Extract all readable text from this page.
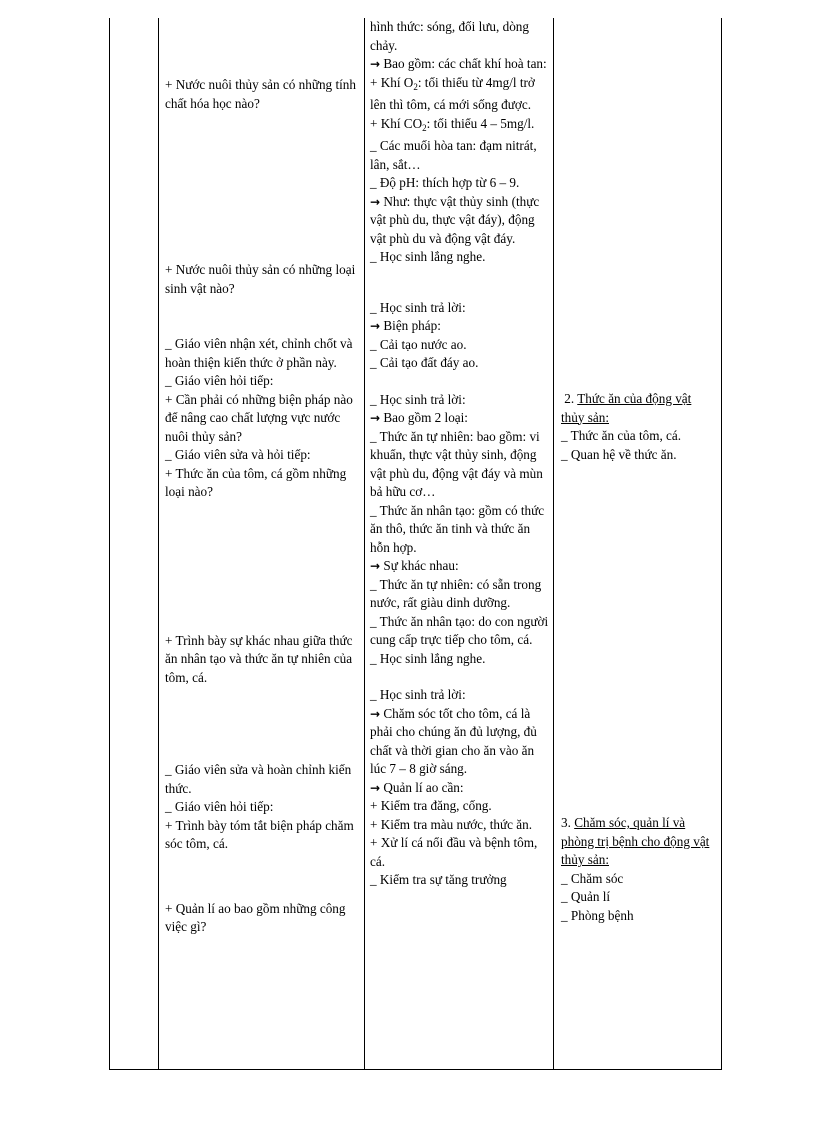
+ Nước nuôi thủy sản có những tính chất hóa học nào?

+ Nước nuôi thủy sản có những loại sinh vật nào?

_ Giáo viên nhận xét, chỉnh chốt và hoàn thiện kiến thức ở phần này.

_ Giáo viên hỏi tiếp:

+ Cần phải có những biện pháp nào để nâng cao chất lượng vực nước nuôi thủy sản?

_ Giáo viên sửa và hỏi tiếp:

+ Thức ăn của tôm, cá gồm những loại nào?

+ Trình bày sự khác nhau giữa thức ăn nhân tạo và thức ăn tự nhiên của tôm, cá.

_ Giáo viên sửa và hoàn chỉnh kiến thức.

_ Giáo viên hỏi tiếp:

+ Trình bày tóm tắt biện pháp chăm sóc tôm, cá.

+ Quản lí ao bao gồm những công việc gì?

hình thức: sóng, đối lưu, dòng chảy.

→ Bao gồm: các chất khí hoà tan:

+ Khí $O_2$: tối thiểu từ 4mg/l trở lên thì tôm, cá mới sống được.

+ Khí $CO_2$: tối thiểu 4 – 5mg/l.

_ Các muối hòa tan: đạm nitrát, lân, sắt…

_ Độ pH: thích hợp từ 6 – 9.

→ Như: thực vật thủy sinh (thực vật phù du, thực vật đáy), động vật phù du và động vật đáy.

_ Học sinh lắng nghe.

_ Học sinh trả lời:

→ Biện pháp:

_ Cải tạo nước ao.

_ Cải tạo đất đáy ao.

_ Học sinh trả lời:

→ Bao gồm 2 loại:

_ Thức ăn tự nhiên: bao gồm: vi khuẩn, thực vật thủy sinh, động vật phù du, động vật đáy và mùn bả hữu cơ…

_ Thức ăn nhân tạo: gồm có thức ăn thô, thức ăn tinh và thức ăn hỗn hợp.

→ Sự khác nhau:

_ Thức ăn tự nhiên: có sẵn trong nước, rất giàu dinh dưỡng.

_ Thức ăn nhân tạo: do con người cung cấp trực tiếp cho tôm, cá.

_ Học sinh lắng nghe.

_ Học sinh trả lời:

→ Chăm sóc tốt cho tôm, cá là phải cho chúng ăn đủ lượng, đủ chất và thời gian cho ăn vào ăn lúc 7 – 8 giờ sáng.

→ Quản lí ao cần:

+ Kiểm tra đăng, cống.

+ Kiểm tra màu nước, thức ăn.

+ Xử lí cá nổi đầu và bệnh tôm, cá.

_ Kiểm tra sự tăng trưởng

2. Thức ăn của động vật thủy sản:

_ Thức ăn của tôm, cá.

_ Quan hệ về thức ăn.

3. Chăm sóc, quản lí và phòng trị bệnh cho động vật thủy sản:

_ Chăm sóc

_ Quản lí

_ Phòng bệnh
